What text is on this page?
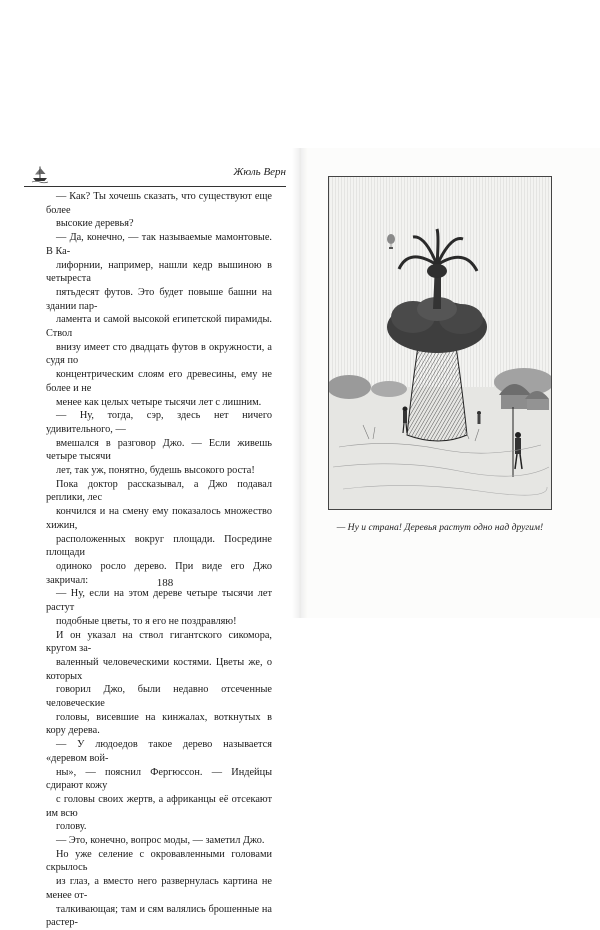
Жюль Верн

— Как? Ты хочешь сказать, что существуют еще более

высокие деревья?

— Да, конечно, — так называемые мамонтовые. В Ка-

лифорнии, например, нашли кедр вышиною в четыреста

пятьдесят футов. Это будет повыше башни на здании пар-

ламента и самой высокой египетской пирамиды. Ствол

внизу имеет сто двадцать футов в окружности, а судя по

концентрическим слоям его древесины, ему не более и не

менее как целых четыре тысячи лет с лишним.

— Ну, тогда, сэр, здесь нет ничего удивительного, —

вмешался в разговор Джо. — Если живешь четыре тысячи

лет, так уж, понятно, будешь высокого роста!

Пока доктор рассказывал, а Джо подавал реплики, лес

кончился и на смену ему показалось множество хижин,

расположенных вокруг площади. Посредине площади

одиноко росло дерево. При виде его Джо закричал:

— Ну, если на этом дереве четыре тысячи лет растут

подобные цветы, то я его не поздравляю!

И он указал на ствол гигантского сикомора, кругом за-

валенный человеческими костями. Цветы же, о которых

говорил Джо, были недавно отсеченные человеческие

головы, висевшие на кинжалах, воткнутых в кору дерева.

— У людоедов такое дерево называется «деревом вой-

ны», — пояснил Фергюссон. — Индейцы сдирают кожу

с головы своих жертв, а африканцы её отсекают им всю

голову.

— Это, конечно, вопрос моды, — заметил Джо.

Но уже селение с окровавленными головами скрылось

из глаз, а вместо него развернулась картина не менее от-

талкивающая; там и сям валялись брошенные на растер-

188
— Ну и страна! Деревья растут одно над другим!
